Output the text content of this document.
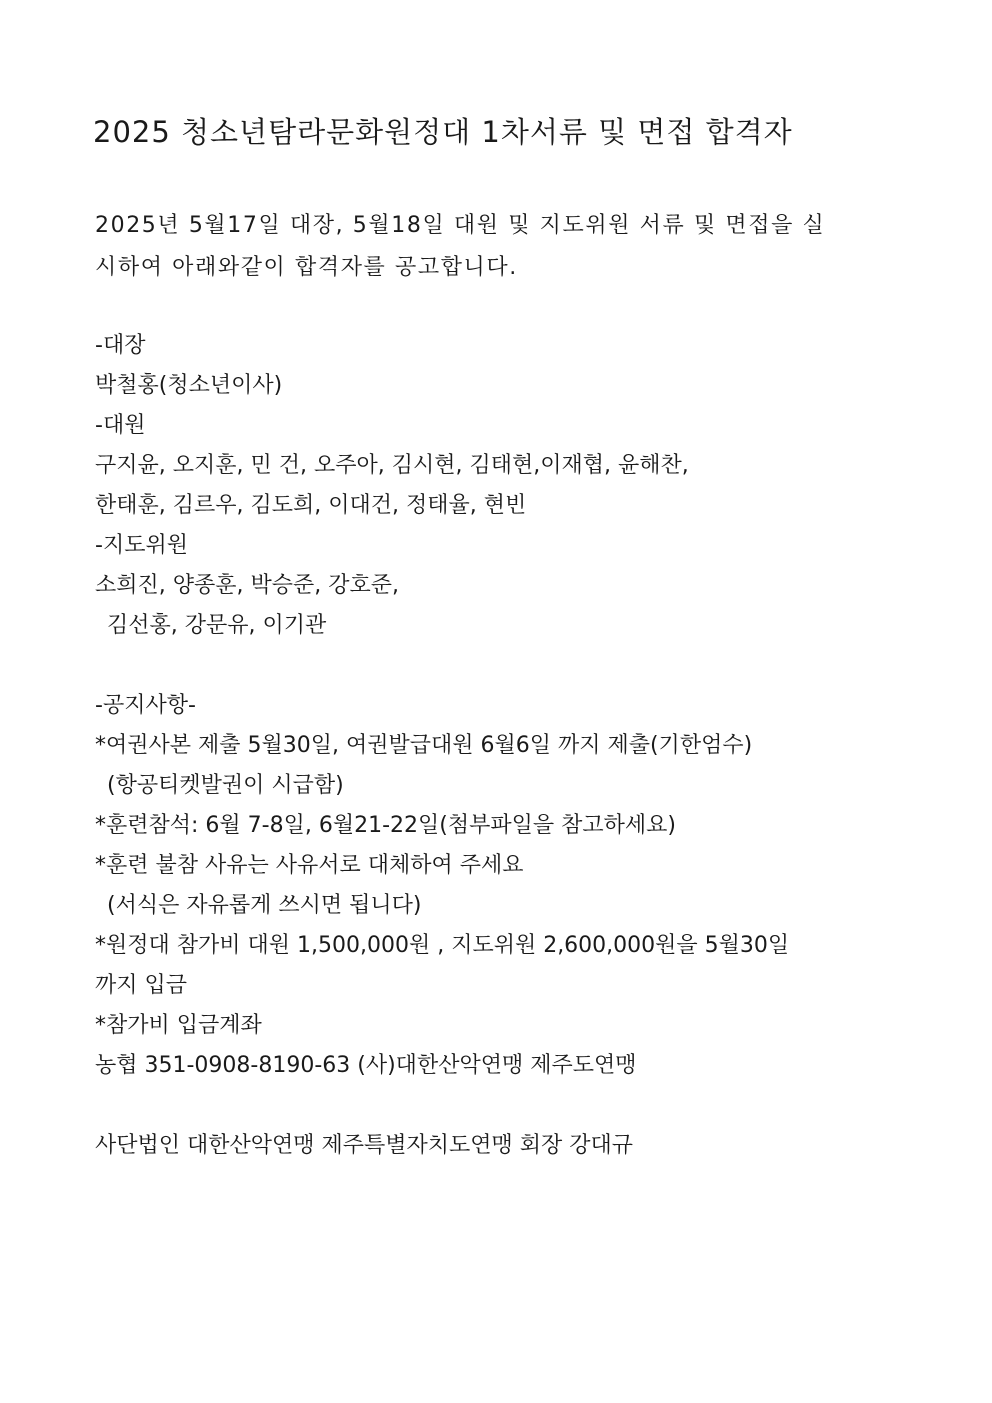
2025 청소년탐라문화원정대 1차서류 및 면접 합격자
2025년 5월17일 대장, 5월18일 대원 및 지도위원 서류 및 면접을 실
시하여 아래와같이 합격자를 공고합니다.
-대장
박철홍(청소년이사)
-대원
구지윤, 오지훈, 민 건, 오주아, 김시현, 김태현,이재협, 윤해찬,
한태훈, 김르우, 김도희, 이대건, 정태율, 현빈
-지도위원
소희진, 양종훈, 박승준, 강호준,
김선홍, 강문유, 이기관
-공지사항-
*여권사본 제출 5월30일, 여권발급대원 6월6일 까지 제출(기한엄수)
(항공티켓발권이 시급함)
*훈련참석: 6월 7-8일, 6월21-22일(첨부파일을 참고하세요)
*훈련 불참 사유는 사유서로 대체하여 주세요
(서식은 자유롭게 쓰시면 됩니다)
*원정대 참가비 대원 1,500,000원 , 지도위원 2,600,000원을 5월30일
까지 입금
*참가비 입금계좌
농협 351-0908-8190-63 (사)대한산악연맹 제주도연맹
사단법인 대한산악연맹 제주특별자치도연맹 회장 강대규
